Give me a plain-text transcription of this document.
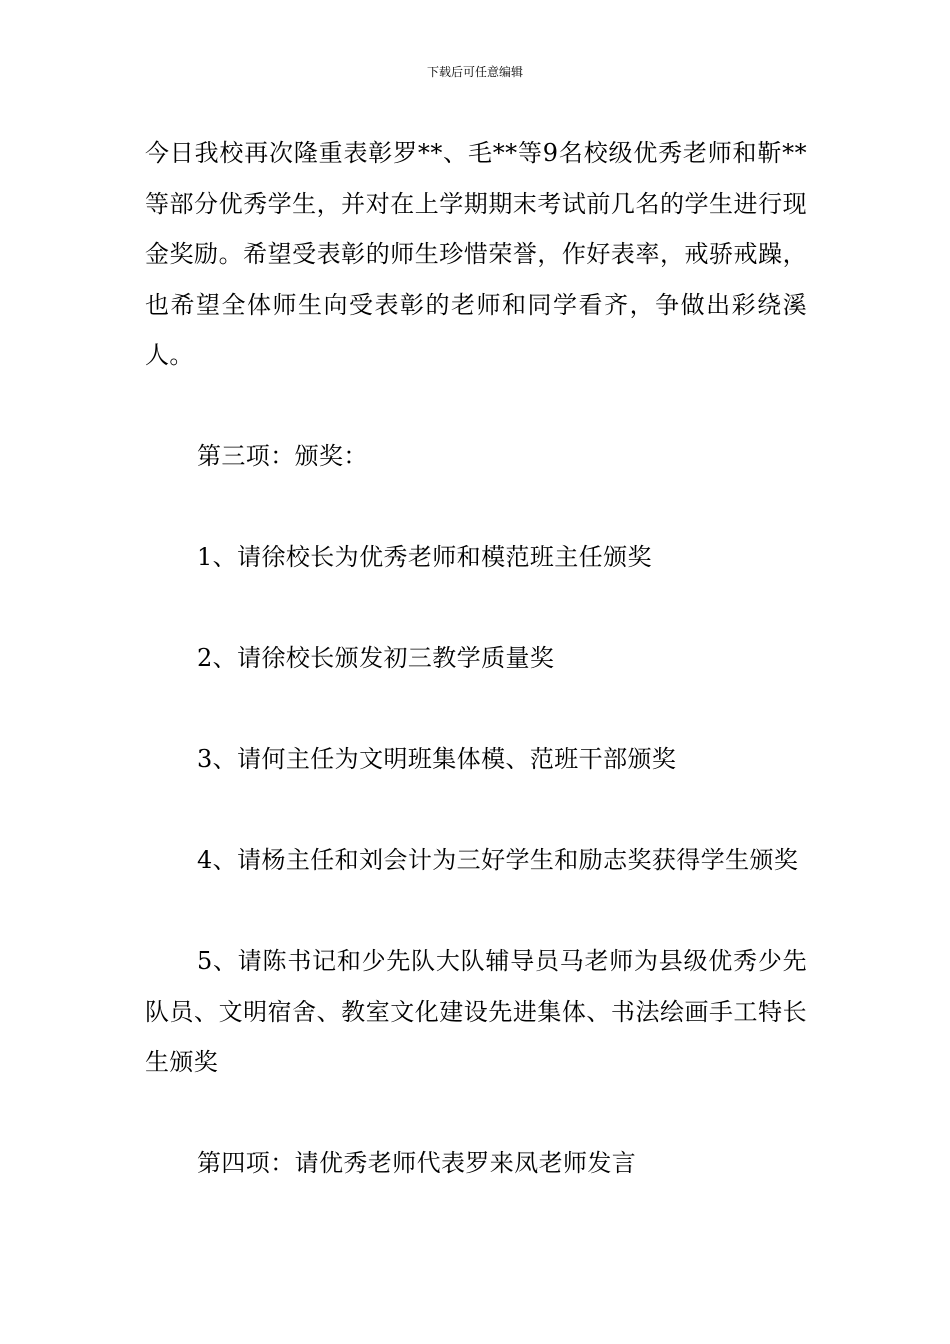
下载后可任意编辑

今日我校再次隆重表彰罗**、毛**等9名校级优秀老师和靳**等部分优秀学生，并对在上学期期末考试前几名的学生进行现金奖励。希望受表彰的师生珍惜荣誉，作好表率，戒骄戒躁，也希望全体师生向受表彰的老师和同学看齐，争做出彩绕溪人。

第三项：颁奖：

1、请徐校长为优秀老师和模范班主任颁奖

2、请徐校长颁发初三教学质量奖

3、请何主任为文明班集体模、范班干部颁奖

4、请杨主任和刘会计为三好学生和励志奖获得学生颁奖

5、请陈书记和少先队大队辅导员马老师为县级优秀少先队员、文明宿舍、教室文化建设先进集体、书法绘画手工特长生颁奖

第四项：请优秀老师代表罗来凤老师发言
